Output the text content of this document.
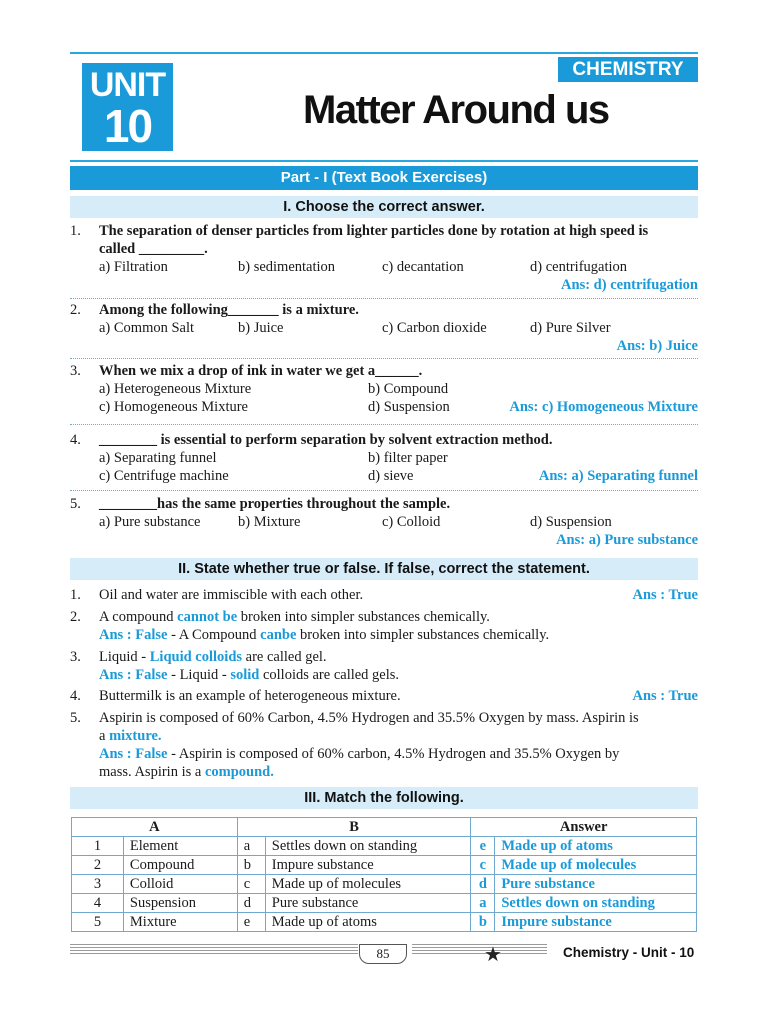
UNIT
10
CHEMISTRY
Matter Around us
Part - I (Text Book Exercises)
I. Choose the correct answer.
1. The separation of denser particles from lighter particles done by rotation at high speed is
called _________.
a) Filtration	b) sedimentation	c) decantation	d) centrifugation
Ans: d) centrifugation
2. Among the following_______ is a mixture.
a) Common Salt	b) Juice	c) Carbon dioxide	d) Pure Silver
Ans: b) Juice
3. When we mix a drop of ink in water we get a______.
a) Heterogeneous Mixture	b) Compound
c) Homogeneous Mixture	d) Suspension	Ans: c) Homogeneous Mixture
4. ________ is essential to perform separation by solvent extraction method.
a) Separating funnel	b) filter paper
c) Centrifuge machine	d) sieve	Ans: a) Separating funnel
5. ________has the same properties throughout the sample.
a) Pure substance	b) Mixture	c) Colloid	d) Suspension
Ans: a) Pure substance
II. State whether true or false. If false, correct the statement.
1. Oil and water are immiscible with each other.	Ans : True
2. A compound cannot be broken into simpler substances chemically.
Ans : False - A Compound canbe broken into simpler substances chemically.
3. Liquid - Liquid colloids are called gel.
Ans : False - Liquid - solid colloids are called gels.
4. Buttermilk is an example of heterogeneous mixture.	Ans : True
5. Aspirin is composed of 60% Carbon, 4.5% Hydrogen and 35.5% Oxygen by mass. Aspirin is
a mixture.
Ans : False - Aspirin is composed of 60% carbon, 4.5% Hydrogen and 35.5% Oxygen by
mass. Aspirin is a compound.
III. Match the following.
A		B		Answer	
1	Element	a	Settles down on standing	e	Made up of atoms
2	Compound	b	Impure substance	c	Made up of molecules
3	Colloid	c	Made up of molecules	d	Pure substance
4	Suspension	d	Pure substance	a	Settles down on standing
5	Mixture	e	Made up of atoms	b	Impure substance
85	★	Chemistry - Unit - 10
